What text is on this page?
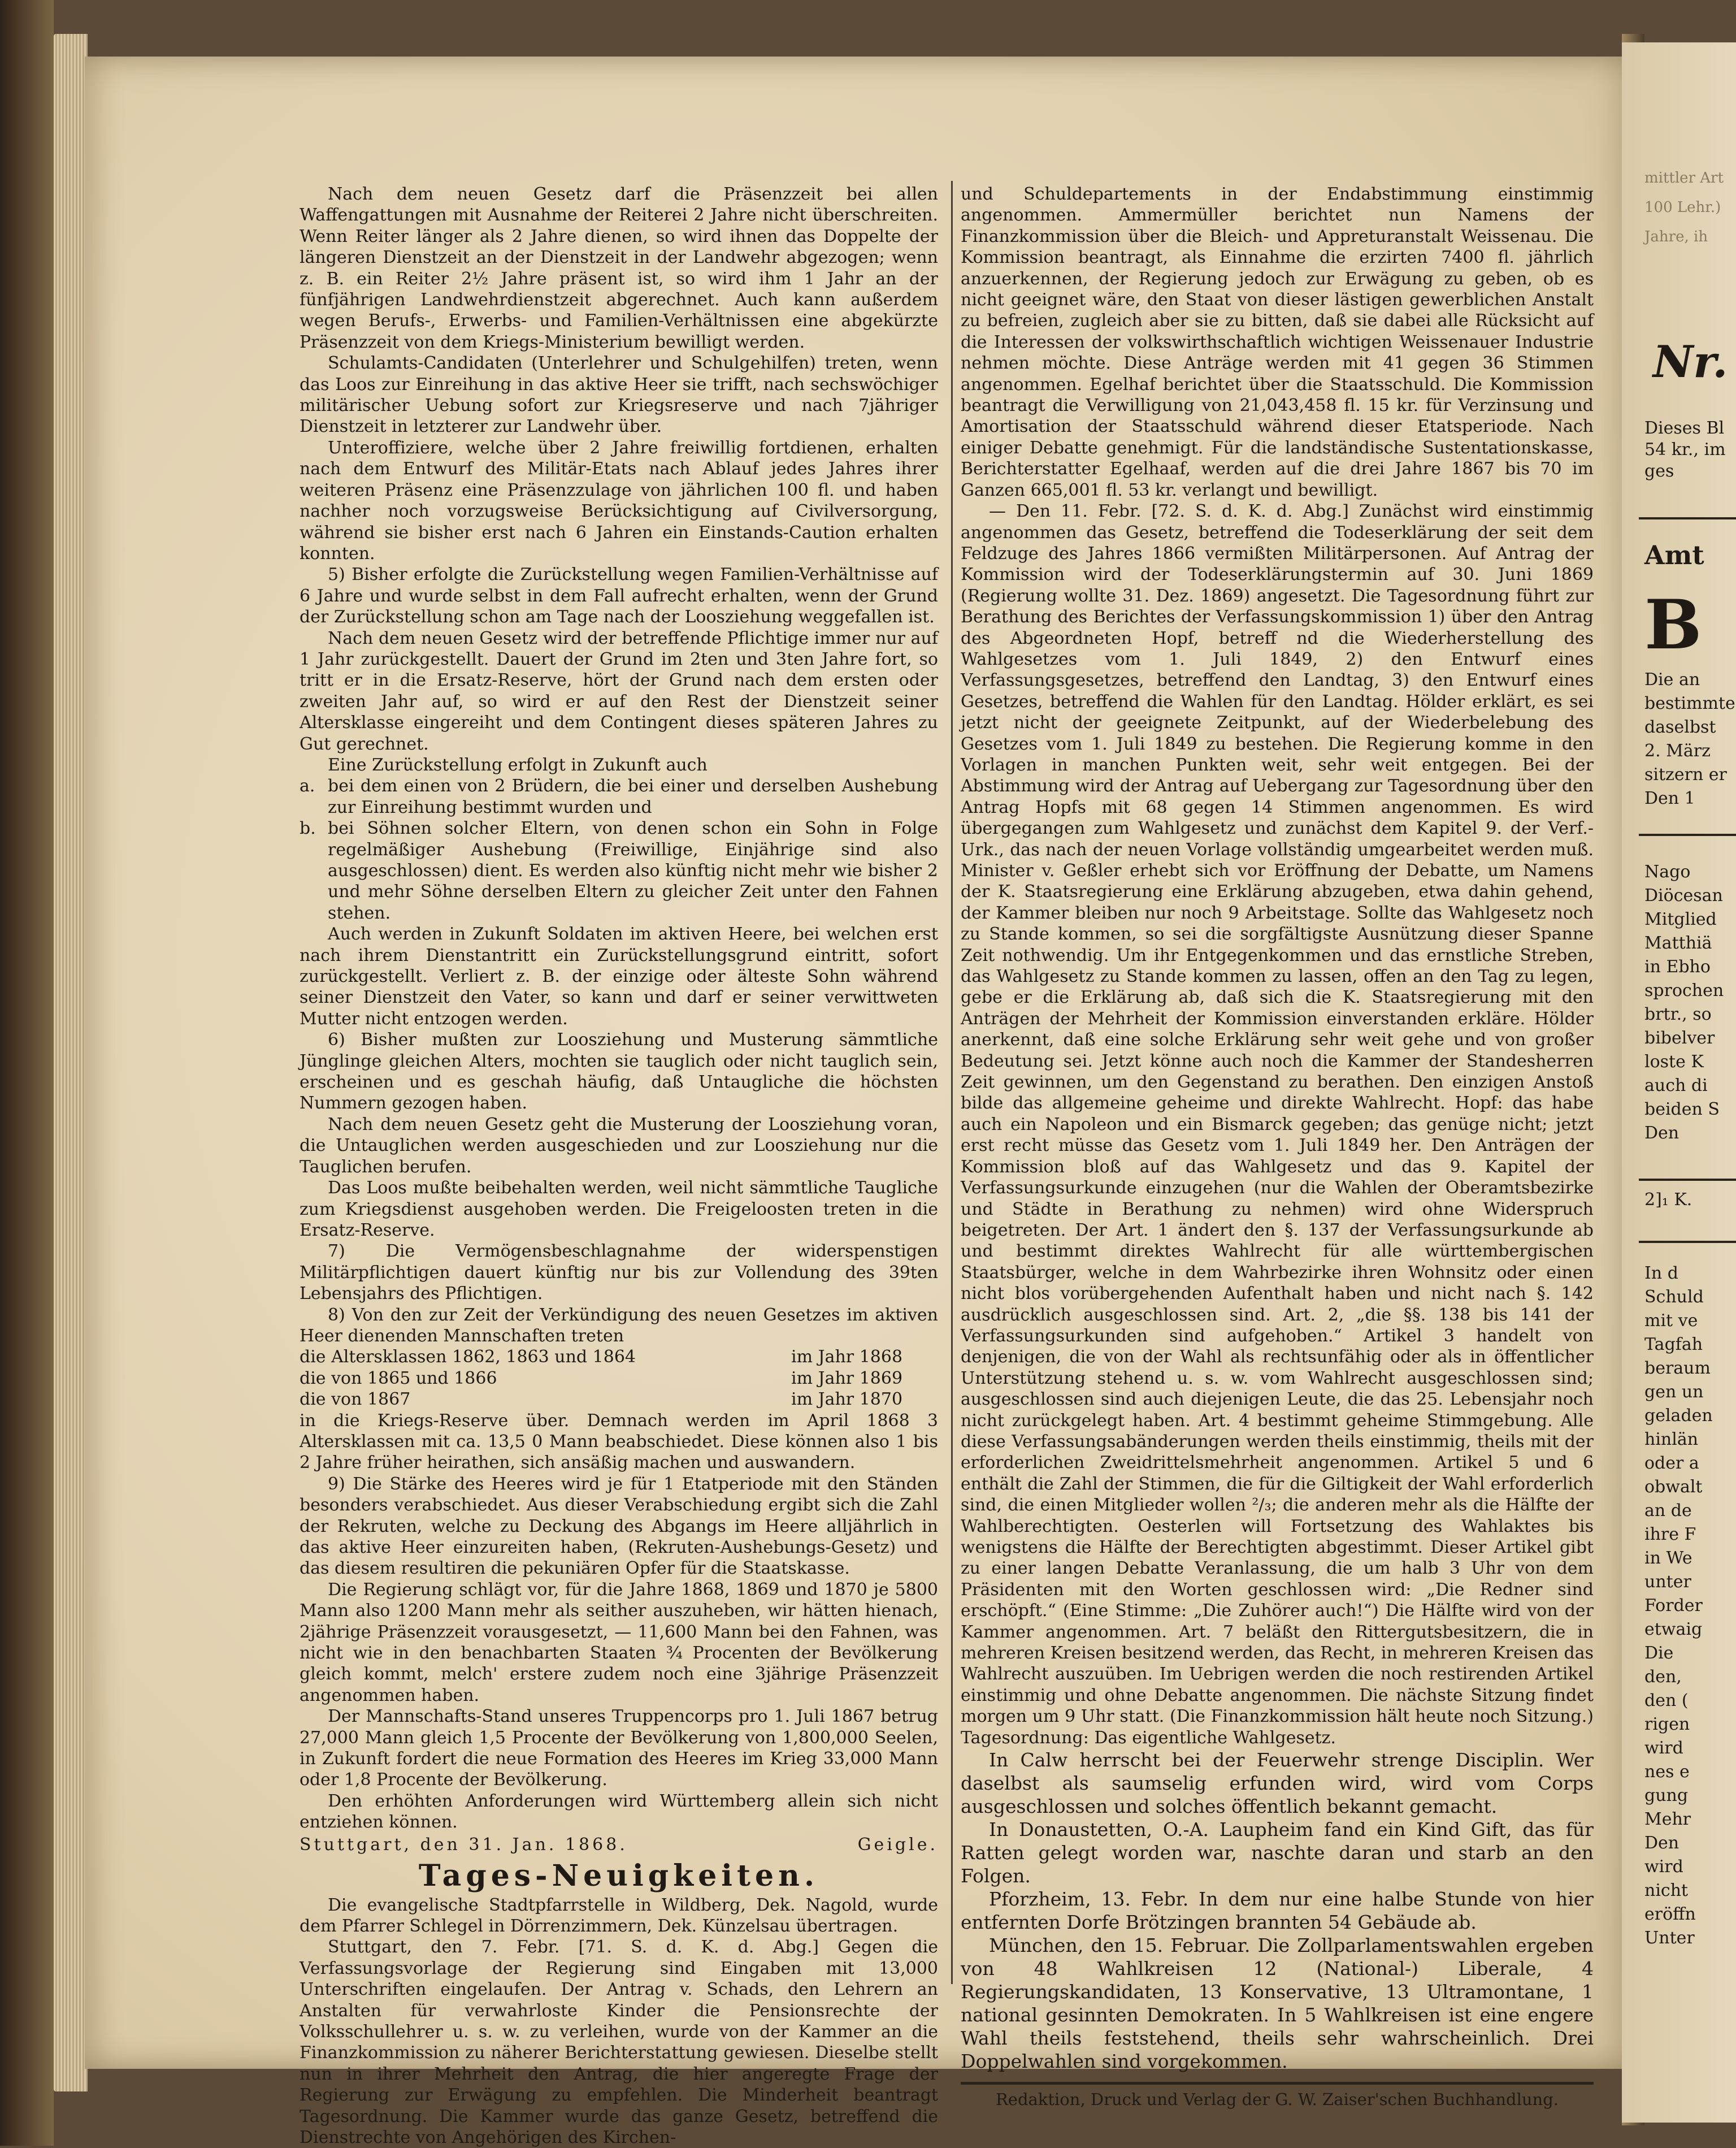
Nach dem neuen Gesetz darf die Präsenzzeit bei allen Waffengattungen mit Ausnahme der Reiterei 2 Jahre nicht überschreiten. Wenn Reiter länger als 2 Jahre dienen, so wird ihnen das Doppelte der längeren Dienstzeit an der Dienstzeit in der Landwehr abgezogen; wenn z. B. ein Reiter 2½ Jahre präsent ist, so wird ihm 1 Jahr an der fünfjährigen Landwehrdienstzeit abgerechnet. Auch kann außerdem wegen Berufs-, Erwerbs- und Familien-Verhältnissen eine abgekürzte Präsenzzeit von dem Kriegs-Ministerium bewilligt werden.

Schulamts-Candidaten (Unterlehrer und Schulgehilfen) treten, wenn das Loos zur Einreihung in das aktive Heer sie trifft, nach sechswöchiger militärischer Uebung sofort zur Kriegsreserve und nach 7jähriger Dienstzeit in letzterer zur Landwehr über.

Unteroffiziere, welche über 2 Jahre freiwillig fortdienen, erhalten nach dem Entwurf des Militär-Etats nach Ablauf jedes Jahres ihrer weiteren Präsenz eine Präsenzzulage von jährlichen 100 fl. und haben nachher noch vorzugsweise Berücksichtigung auf Civilversorgung, während sie bisher erst nach 6 Jahren ein Einstands-Caution erhalten konnten.

5) Bisher erfolgte die Zurückstellung wegen Familien-Verhältnisse auf 6 Jahre und wurde selbst in dem Fall aufrecht erhalten, wenn der Grund der Zurückstellung schon am Tage nach der Loosziehung weggefallen ist.

Nach dem neuen Gesetz wird der betreffende Pflichtige immer nur auf 1 Jahr zurückgestellt. Dauert der Grund im 2ten und 3ten Jahre fort, so tritt er in die Ersatz-Reserve, hört der Grund nach dem ersten oder zweiten Jahr auf, so wird er auf den Rest der Dienstzeit seiner Altersklasse eingereiht und dem Contingent dieses späteren Jahres zu Gut gerechnet.

Eine Zurückstellung erfolgt in Zukunft auch

a. bei dem einen von 2 Brüdern, die bei einer und derselben Aushebung zur Einreihung bestimmt wurden und
b. bei Söhnen solcher Eltern, von denen schon ein Sohn in Folge regelmäßiger Aushebung (Freiwillige, Einjährige sind also ausgeschlossen) dient. Es werden also künftig nicht mehr wie bisher 2 und mehr Söhne derselben Eltern zu gleicher Zeit unter den Fahnen stehen.

Auch werden in Zukunft Soldaten im aktiven Heere, bei welchen erst nach ihrem Dienstantritt ein Zurückstellungsgrund eintritt, sofort zurückgestellt. Verliert z. B. der einzige oder älteste Sohn während seiner Dienstzeit den Vater, so kann und darf er seiner verwittweten Mutter nicht entzogen werden.

6) Bisher mußten zur Loosziehung und Musterung sämmtliche Jünglinge gleichen Alters, mochten sie tauglich oder nicht tauglich sein, erscheinen und es geschah häufig, daß Untaugliche die höchsten Nummern gezogen haben.

Nach dem neuen Gesetz geht die Musterung der Loosziehung voran, die Untauglichen werden ausgeschieden und zur Loosziehung nur die Tauglichen berufen.

Das Loos mußte beibehalten werden, weil nicht sämmtliche Taugliche zum Kriegsdienst ausgehoben werden. Die Freigeloosten treten in die Ersatz-Reserve.

7) Die Vermögensbeschlagnahme der widerspenstigen Militärpflichtigen dauert künftig nur bis zur Vollendung des 39ten Lebensjahrs des Pflichtigen.

8) Von den zur Zeit der Verkündigung des neuen Gesetzes im aktiven Heer dienenden Mannschaften treten

die Altersklassen 1862, 1863 und 1864	im Jahr 1868
die von 1865 und 1866	im Jahr 1869
die von 1867	im Jahr 1870

in die Kriegs-Reserve über. Demnach werden im April 1868 3 Altersklassen mit ca. 13,5 0 Mann beabschiedet. Diese können also 1 bis 2 Jahre früher heirathen, sich ansäßig machen und auswandern.

9) Die Stärke des Heeres wird je für 1 Etatperiode mit den Ständen besonders verabschiedet. Aus dieser Verabschiedung ergibt sich die Zahl der Rekruten, welche zu Deckung des Abgangs im Heere alljährlich in das aktive Heer einzureiten haben, (Rekruten-Aushebungs-Gesetz) und das diesem resultiren die pekuniären Opfer für die Staatskasse.

Die Regierung schlägt vor, für die Jahre 1868, 1869 und 1870 je 5800 Mann also 1200 Mann mehr als seither auszuheben, wir hätten hienach, 2jährige Präsenzzeit vorausgesetzt, — 11,600 Mann bei den Fahnen, was nicht wie in den benachbarten Staaten ¾ Procenten der Bevölkerung gleich kommt, melch' erstere zudem noch eine 3jährige Präsenzzeit angenommen haben.

Der Mannschafts-Stand unseres Truppencorps pro 1. Juli 1867 betrug 27,000 Mann gleich 1,5 Procente der Bevölkerung von 1,800,000 Seelen, in Zukunft fordert die neue Formation des Heeres im Krieg 33,000 Mann oder 1,8 Procente der Bevölkerung.

Den erhöhten Anforderungen wird Württemberg allein sich nicht entziehen können.

Stuttgart, den 31. Jan. 1868.	Geigle.
Tages-Neuigkeiten.

Die evangelische Stadtpfarrstelle in Wildberg, Dek. Nagold, wurde dem Pfarrer Schlegel in Dörrenzimmern, Dek. Künzelsau übertragen.

Stuttgart, den 7. Febr. [71. S. d. K. d. Abg.] Gegen die Verfassungsvorlage der Regierung sind Eingaben mit 13,000 Unterschriften eingelaufen. Der Antrag v. Schads, den Lehrern an Anstalten für verwahrloste Kinder die Pensionsrechte der Volksschullehrer u. s. w. zu verleihen, wurde von der Kammer an die Finanzkommission zu näherer Berichterstattung gewiesen. Dieselbe stellt nun in ihrer Mehrheit den Antrag, die hier angeregte Frage der Regierung zur Erwägung zu empfehlen. Die Minderheit beantragt Tagesordnung. Die Kammer wurde das ganze Gesetz, betreffend die Dienstrechte von Angehörigen des Kirchen-

und Schuldepartements in der Endabstimmung einstimmig angenommen. Ammermüller berichtet nun Namens der Finanzkommission über die Bleich- und Appreturanstalt Weissenau. Die Kommission beantragt, als Einnahme die erzirten 7400 fl. jährlich anzuerkennen, der Regierung jedoch zur Erwägung zu geben, ob es nicht geeignet wäre, den Staat von dieser lästigen gewerblichen Anstalt zu befreien, zugleich aber sie zu bitten, daß sie dabei alle Rücksicht auf die Interessen der volkswirthschaftlich wichtigen Weissenauer Industrie nehmen möchte. Diese Anträge werden mit 41 gegen 36 Stimmen angenommen. Egelhaf berichtet über die Staatsschuld. Die Kommission beantragt die Verwilligung von 21,043,458 fl. 15 kr. für Verzinsung und Amortisation der Staatsschuld während dieser Etatsperiode. Nach einiger Debatte genehmigt. Für die landständische Sustentationskasse, Berichterstatter Egelhaaf, werden auf die drei Jahre 1867 bis 70 im Ganzen 665,001 fl. 53 kr. verlangt und bewilligt.

— Den 11. Febr. [72. S. d. K. d. Abg.] Zunächst wird einstimmig angenommen das Gesetz, betreffend die Todeserklärung der seit dem Feldzuge des Jahres 1866 vermißten Militärpersonen. Auf Antrag der Kommission wird der Todeserklärungstermin auf 30. Juni 1869 (Regierung wollte 31. Dez. 1869) angesetzt. Die Tagesordnung führt zur Berathung des Berichtes der Verfassungskommission 1) über den Antrag des Abgeordneten Hopf, betreff nd die Wiederherstellung des Wahlgesetzes vom 1. Juli 1849, 2) den Entwurf eines Verfassungsgesetzes, betreffend den Landtag, 3) den Entwurf eines Gesetzes, betreffend die Wahlen für den Landtag. Hölder erklärt, es sei jetzt nicht der geeignete Zeitpunkt, auf der Wiederbelebung des Gesetzes vom 1. Juli 1849 zu bestehen. Die Regierung komme in den Vorlagen in manchen Punkten weit, sehr weit entgegen. Bei der Abstimmung wird der Antrag auf Uebergang zur Tagesordnung über den Antrag Hopfs mit 68 gegen 14 Stimmen angenommen. Es wird übergegangen zum Wahlgesetz und zunächst dem Kapitel 9. der Verf.-Urk., das nach der neuen Vorlage vollständig umgearbeitet werden muß. Minister v. Geßler erhebt sich vor Eröffnung der Debatte, um Namens der K. Staatsregierung eine Erklärung abzugeben, etwa dahin gehend, der Kammer bleiben nur noch 9 Arbeitstage. Sollte das Wahlgesetz noch zu Stande kommen, so sei die sorgfältigste Ausnützung dieser Spanne Zeit nothwendig. Um ihr Entgegenkommen und das ernstliche Streben, das Wahlgesetz zu Stande kommen zu lassen, offen an den Tag zu legen, gebe er die Erklärung ab, daß sich die K. Staatsregierung mit den Anträgen der Mehrheit der Kommission einverstanden erkläre. Hölder anerkennt, daß eine solche Erklärung sehr weit gehe und von großer Bedeutung sei. Jetzt könne auch noch die Kammer der Standesherren Zeit gewinnen, um den Gegenstand zu berathen. Den einzigen Anstoß bilde das allgemeine geheime und direkte Wahlrecht. Hopf: das habe auch ein Napoleon und ein Bismarck gegeben; das genüge nicht; jetzt erst recht müsse das Gesetz vom 1. Juli 1849 her. Den Anträgen der Kommission bloß auf das Wahlgesetz und das 9. Kapitel der Verfassungsurkunde einzugehen (nur die Wahlen der Oberamtsbezirke und Städte in Berathung zu nehmen) wird ohne Widerspruch beigetreten. Der Art. 1 ändert den §. 137 der Verfassungsurkunde ab und bestimmt direktes Wahlrecht für alle württembergischen Staatsbürger, welche in dem Wahrbezirke ihren Wohnsitz oder einen nicht blos vorübergehenden Aufenthalt haben und nicht nach §. 142 ausdrücklich ausgeschlossen sind. Art. 2, „die §§. 138 bis 141 der Verfassungsurkunden sind aufgehoben.“ Artikel 3 handelt von denjenigen, die von der Wahl als rechtsunfähig oder als in öffentlicher Unterstützung stehend u. s. w. vom Wahlrecht ausgeschlossen sind; ausgeschlossen sind auch diejenigen Leute, die das 25. Lebensjahr noch nicht zurückgelegt haben. Art. 4 bestimmt geheime Stimmgebung. Alle diese Verfassungsabänderungen werden theils einstimmig, theils mit der erforderlichen Zweidrittelsmehrheit angenommen. Artikel 5 und 6 enthält die Zahl der Stimmen, die für die Giltigkeit der Wahl erforderlich sind, die einen Mitglieder wollen ²/₃; die anderen mehr als die Hälfte der Wahlberechtigten. Oesterlen will Fortsetzung des Wahlaktes bis wenigstens die Hälfte der Berechtigten abgestimmt. Dieser Artikel gibt zu einer langen Debatte Veranlassung, die um halb 3 Uhr von dem Präsidenten mit den Worten geschlossen wird: „Die Redner sind erschöpft.“ (Eine Stimme: „Die Zuhörer auch!“) Die Hälfte wird von der Kammer angenommen. Art. 7 beläßt den Rittergutsbesitzern, die in mehreren Kreisen besitzend werden, das Recht, in mehreren Kreisen das Wahlrecht auszuüben. Im Uebrigen werden die noch restirenden Artikel einstimmig und ohne Debatte angenommen. Die nächste Sitzung findet morgen um 9 Uhr statt. (Die Finanzkommission hält heute noch Sitzung.) Tagesordnung: Das eigentliche Wahlgesetz.

In Calw herrscht bei der Feuerwehr strenge Disciplin. Wer daselbst als saumselig erfunden wird, wird vom Corps ausgeschlossen und solches öffentlich bekannt gemacht.

In Donaustetten, O.-A. Laupheim fand ein Kind Gift, das für Ratten gelegt worden war, naschte daran und starb an den Folgen.

Pforzheim, 13. Febr. In dem nur eine halbe Stunde von hier entfernten Dorfe Brötzingen brannten 54 Gebäude ab.

München, den 15. Februar. Die Zollparlamentswahlen ergeben von 48 Wahlkreisen 12 (National-) Liberale, 4 Regierungskandidaten, 13 Konservative, 13 Ultramontane, 1 national gesinnten Demokraten. In 5 Wahlkreisen ist eine engere Wahl theils feststehend, theils sehr wahrscheinlich. Drei Doppelwahlen sind vorgekommen.

Redaktion, Druck und Verlag der G. W. Zaiser'schen Buchhandlung.
mittler Art
100 Lehr.)
Jahre, ih
Nr.
Dieses Bl
54 kr., im
ges
Amt
B
Die an
bestimmte
daselbst
2. März
sitzern er
Den 1
Nago
Diöcesan
Mitglied
Matthiä
in Ebho
sprochen
brtr., so
bibelver
loste K
auch di
beiden S
Den
2]₁ K.
In d
Schuld
mit ve
Tagfah
beraum
gen un
geladen
hinlän
oder a
obwalt
an de
ihre F
in We
unter
Forder
etwaig
Die
den,
den (
rigen
wird
nes e
gung
Mehr
Den
wird
nicht
eröffn
Unter
